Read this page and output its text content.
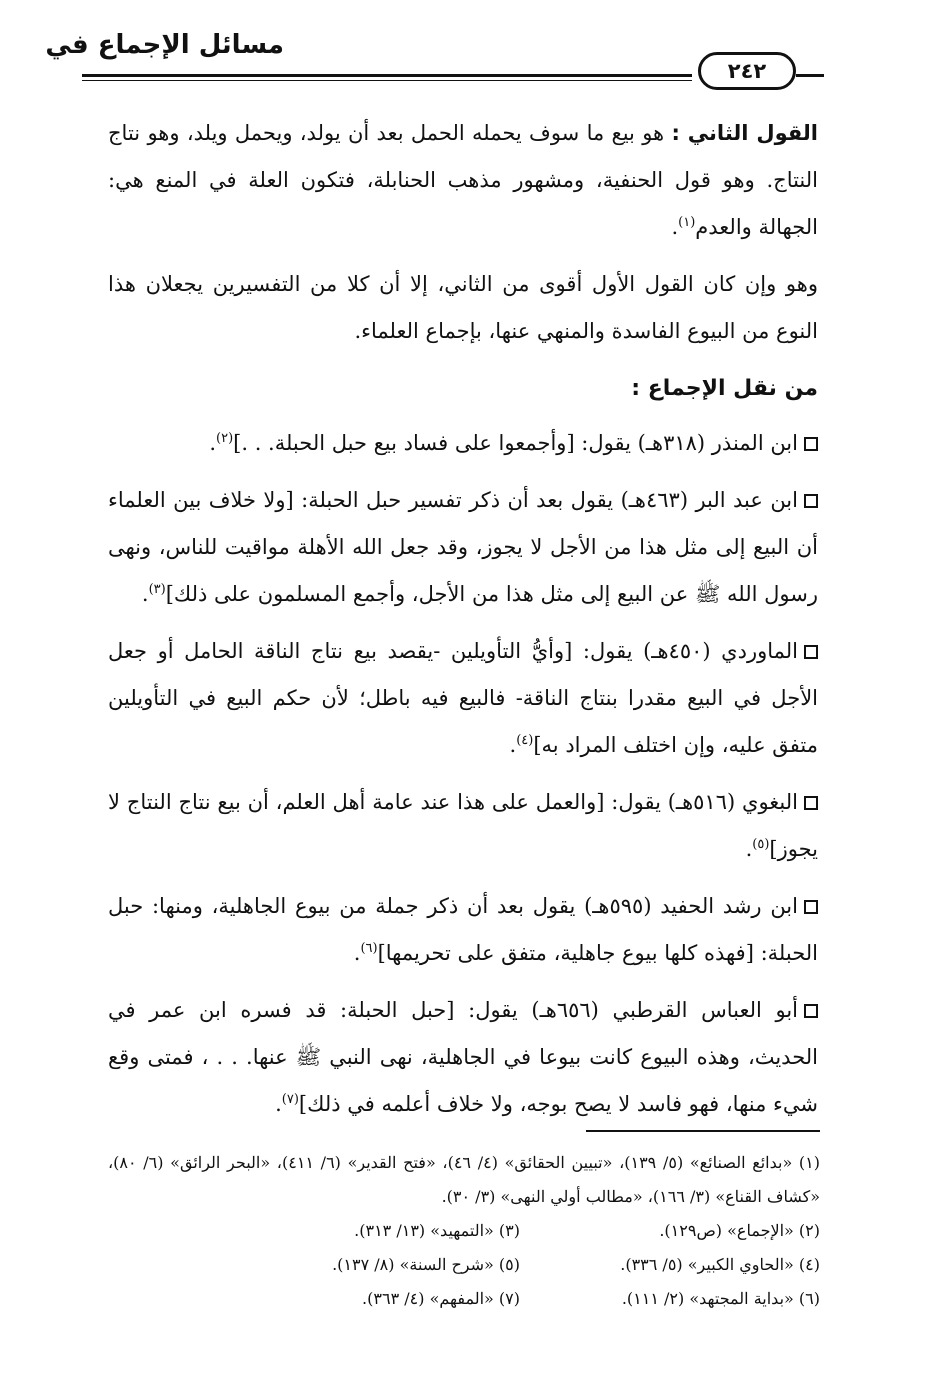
مسائل الإجماع في
٢٤٢
القول الثاني : هو بيع ما سوف يحمله الحمل بعد أن يولد، ويحمل ويلد، وهو نتاج النتاج. وهو قول الحنفية، ومشهور مذهب الحنابلة، فتكون العلة في المنع هي: الجهالة والعدم$^{(١)}$.
وهو وإن كان القول الأول أقوى من الثاني، إلا أن كلا من التفسيرين يجعلان هذا النوع من البيوع الفاسدة والمنهي عنها، بإجماع العلماء.
من نقل الإجماع :
ابن المنذر (٣١٨هـ) يقول: [وأجمعوا على فساد بيع حبل الحبلة. . .]$^{(٢)}$.
ابن عبد البر (٤٦٣هـ) يقول بعد أن ذكر تفسير حبل الحبلة: [ولا خلاف بين العلماء أن البيع إلى مثل هذا من الأجل لا يجوز، وقد جعل الله الأهلة مواقيت للناس، ونهى رسول الله ﷺ عن البيع إلى مثل هذا من الأجل، وأجمع المسلمون على ذلك]$^{(٣)}$.
الماوردي (٤٥٠هـ) يقول: [وأيُّ التأويلين -يقصد بيع نتاج الناقة الحامل أو جعل الأجل في البيع مقدرا بنتاج الناقة- فالبيع فيه باطل؛ لأن حكم البيع في التأويلين متفق عليه، وإن اختلف المراد به]$^{(٤)}$.
البغوي (٥١٦هـ) يقول: [والعمل على هذا عند عامة أهل العلم، أن بيع نتاج النتاج لا يجوز]$^{(٥)}$.
ابن رشد الحفيد (٥٩٥هـ) يقول بعد أن ذكر جملة من بيوع الجاهلية، ومنها: حبل الحبلة: [فهذه كلها بيوع جاهلية، متفق على تحريمها]$^{(٦)}$.
أبو العباس القرطبي (٦٥٦هـ) يقول: [حبل الحبلة: قد فسره ابن عمر في الحديث، وهذه البيوع كانت بيوعا في الجاهلية، نهى النبي ﷺ عنها. . . ، فمتى وقع شيء منها، فهو فاسد لا يصح بوجه، ولا خلاف أعلمه في ذلك]$^{(٧)}$.
(١) «بدائع الصنائع» (٥/ ١٣٩)، «تبيين الحقائق» (٤/ ٤٦)، «فتح القدير» (٦/ ٤١١)، «البحر الرائق» (٦/ ٨٠)، «كشاف القناع» (٣/ ١٦٦)، «مطالب أولي النهى» (٣/ ٣٠).
(٢) «الإجماع» (ص١٢٩).
(٣) «التمهيد» (١٣/ ٣١٣).
(٤) «الحاوي الكبير» (٥/ ٣٣٦).
(٥) «شرح السنة» (٨/ ١٣٧).
(٦) «بداية المجتهد» (٢/ ١١١).
(٧) «المفهم» (٤/ ٣٦٣).
